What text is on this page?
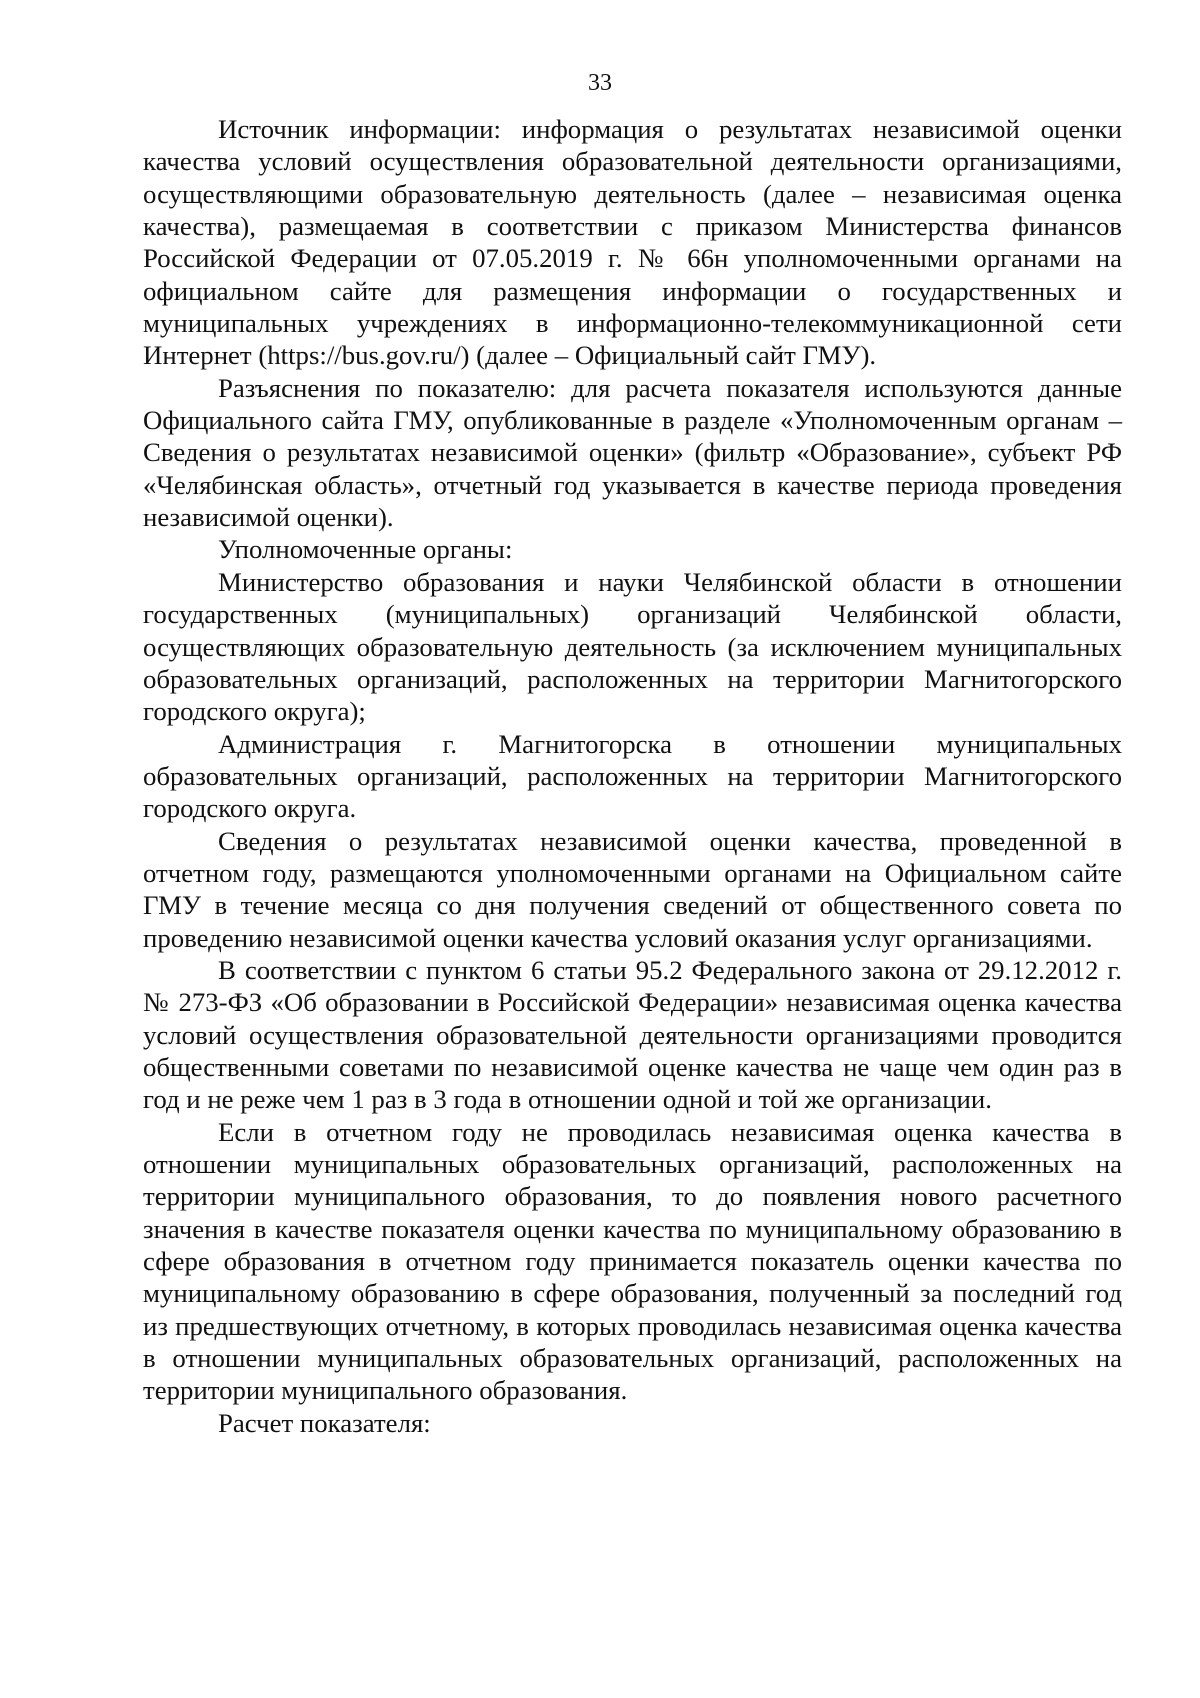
33

Источник информации: информация о результатах независимой оценки качества условий осуществления образовательной деятельности организациями, осуществляющими образовательную деятельность (далее – независимая оценка качества), размещаемая в соответствии с приказом Министерства финансов Российской Федерации от 07.05.2019 г. № 66н уполномоченными органами на официальном сайте для размещения информации о государственных и муниципальных учреждениях в информационно-телекоммуникационной сети Интернет (https://bus.gov.ru/) (далее – Официальный сайт ГМУ).

Разъяснения по показателю: для расчета показателя используются данные Официального сайта ГМУ, опубликованные в разделе «Уполномоченным органам – Сведения о результатах независимой оценки» (фильтр «Образование», субъект РФ «Челябинская область», отчетный год указывается в качестве периода проведения независимой оценки).

Уполномоченные органы:

Министерство образования и науки Челябинской области в отношении государственных (муниципальных) организаций Челябинской области, осуществляющих образовательную деятельность (за исключением муниципальных образовательных организаций, расположенных на территории Магнитогорского городского округа);

Администрация г. Магнитогорска в отношении муниципальных образовательных организаций, расположенных на территории Магнитогорского городского округа.

Сведения о результатах независимой оценки качества, проведенной в отчетном году, размещаются уполномоченными органами на Официальном сайте ГМУ в течение месяца со дня получения сведений от общественного совета по проведению независимой оценки качества условий оказания услуг организациями.

В соответствии с пунктом 6 статьи 95.2 Федерального закона от 29.12.2012 г. № 273-ФЗ «Об образовании в Российской Федерации» независимая оценка качества условий осуществления образовательной деятельности организациями проводится общественными советами по независимой оценке качества не чаще чем один раз в год и не реже чем 1 раз в 3 года в отношении одной и той же организации.

Если в отчетном году не проводилась независимая оценка качества в отношении муниципальных образовательных организаций, расположенных на территории муниципального образования, то до появления нового расчетного значения в качестве показателя оценки качества по муниципальному образованию в сфере образования в отчетном году принимается показатель оценки качества по муниципальному образованию в сфере образования, полученный за последний год из предшествующих отчетному, в которых проводилась независимая оценка качества в отношении муниципальных образовательных организаций, расположенных на территории муниципального образования.

Расчет показателя:
